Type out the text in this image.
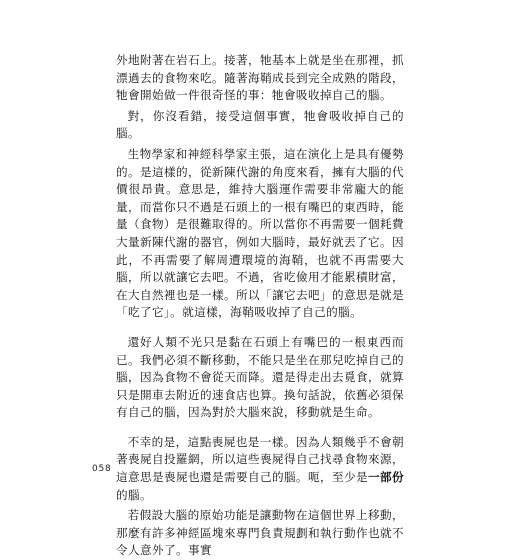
外地附著在岩石上。接著，牠基本上就是坐在那裡，抓漂過去的食物來吃。隨著海鞘成長到完全成熟的階段，牠會開始做一件很奇怪的事：牠會吸收掉自己的腦。

對，你沒看錯，接受這個事實，牠會吸收掉自己的腦。

生物學家和神經科學家主張，這在演化上是具有優勢的。是這樣的，從新陳代謝的角度來看，擁有大腦的代價很昂貴。意思是，維持大腦運作需要非常龐大的能量，而當你只不過是石頭上的一根有嘴巴的東西時，能量（食物）是很難取得的。所以當你不再需要一個耗費大量新陳代謝的器官，例如大腦時，最好就丟了它。因此，不再需要了解周遭環境的海鞘，也就不再需要大腦，所以就讓它去吧。不過，省吃儉用才能累積財富，在大自然裡也是一樣。所以「讓它去吧」的意思是就是「吃了它」。就這樣，海鞘吸收掉了自己的腦。

還好人類不光只是黏在石頭上有嘴巴的一根東西而已。我們必須不斷移動，不能只是坐在那兒吃掉自己的腦，因為食物不會從天而降。還是得走出去覓食，就算只是開車去附近的速食店也算。換句話說，依舊必須保有自己的腦，因為對於大腦來說，移動就是生命。

不幸的是，這點喪屍也是一樣。因為人類幾乎不會朝著喪屍自投羅網，所以這些喪屍得自己找尋食物來源，這意思是喪屍也還是需要自己的腦。呃，至少是一部份的腦。

若假設大腦的原始功能是讓動物在這個世界上移動，那麼有許多神經區塊來專門負責規劃和執行動作也就不令人意外了。事實

058
